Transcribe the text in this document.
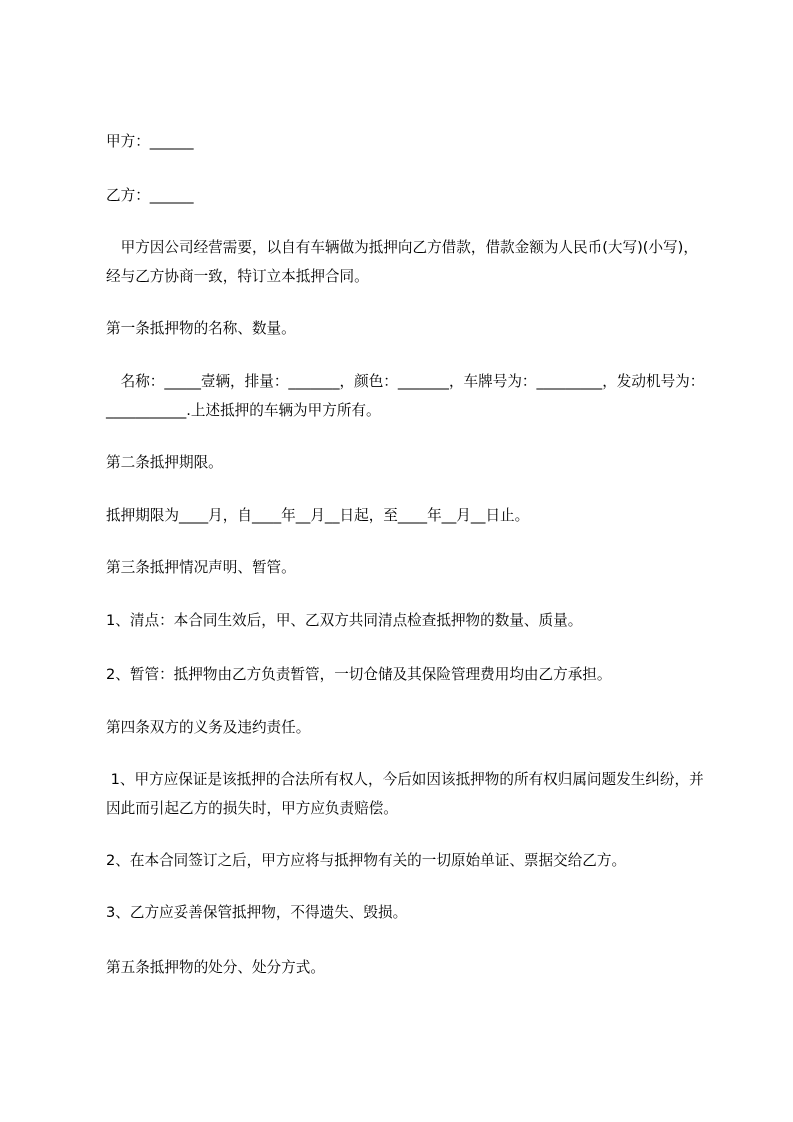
甲方：______

乙方：______

　甲方因公司经营需要，以自有车辆做为抵押向乙方借款，借款金额为人民币(大写)(小写)，经与乙方协商一致，特订立本抵押合同。

第一条抵押物的名称、数量。

　名称：_____壹辆，排量：_______，颜色：_______，车牌号为：_________，发动机号为：___________.上述抵押的车辆为甲方所有。

第二条抵押期限。

抵押期限为____月，自____年__月__日起，至____年__月__日止。

第三条抵押情况声明、暂管。

1、清点：本合同生效后，甲、乙双方共同清点检查抵押物的数量、质量。

2、暂管：抵押物由乙方负责暂管，一切仓储及其保险管理费用均由乙方承担。

第四条双方的义务及违约责任。

1、甲方应保证是该抵押的合法所有权人，今后如因该抵押物的所有权归属问题发生纠纷，并因此而引起乙方的损失时，甲方应负责赔偿。

2、在本合同签订之后，甲方应将与抵押物有关的一切原始单证、票据交给乙方。

3、乙方应妥善保管抵押物，不得遗失、毁损。

第五条抵押物的处分、处分方式。
